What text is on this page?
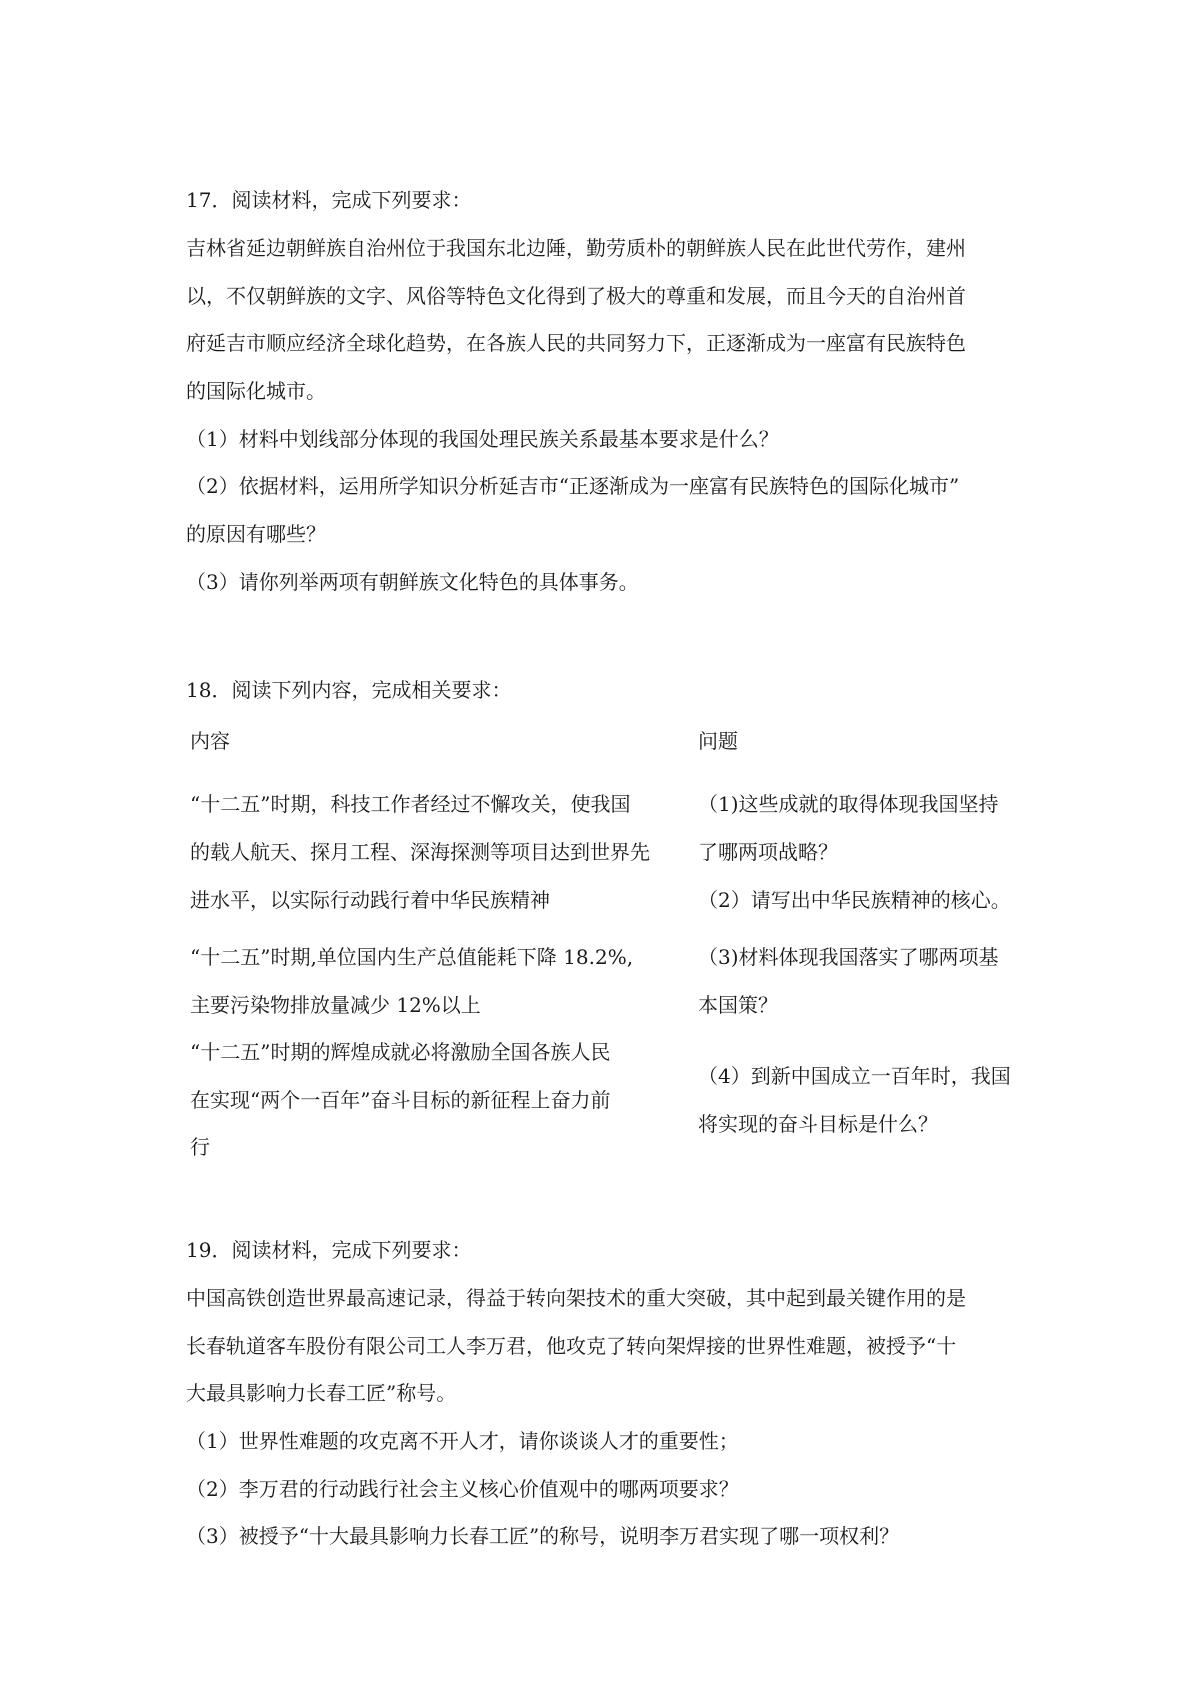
17．阅读材料，完成下列要求：
吉林省延边朝鲜族自治州位于我国东北边陲，勤劳质朴的朝鲜族人民在此世代劳作，建州
以，不仅朝鲜族的文字、风俗等特色文化得到了极大的尊重和发展，而且今天的自治州首
府延吉市顺应经济全球化趋势，在各族人民的共同努力下，正逐渐成为一座富有民族特色
的国际化城市。
（1）材料中划线部分体现的我国处理民族关系最基本要求是什么？
（2）依据材料，运用所学知识分析延吉市“正逐渐成为一座富有民族特色的国际化城市”
的原因有哪些？
（3）请你列举两项有朝鲜族文化特色的具体事务。
18．阅读下列内容，完成相关要求：
内容	问题
“十二五”时期，科技工作者经过不懈攻关，使我国
的载人航天、探月工程、深海探测等项目达到世界先
进水平，以实际行动践行着中华民族精神
（1)这些成就的取得体现我国坚持
了哪两项战略？
（2）请写出中华民族精神的核心。
“十二五”时期,单位国内生产总值能耗下降 18.2%,
主要污染物排放量减少 12%以上
（3)材料体现我国落实了哪两项基
本国策？
“十二五”时期的辉煌成就必将激励全国各族人民
在实现“两个一百年”奋斗目标的新征程上奋力前
行
（4）到新中国成立一百年时，我国
将实现的奋斗目标是什么？
19．阅读材料，完成下列要求：
中国高铁创造世界最高速记录，得益于转向架技术的重大突破，其中起到最关键作用的是
长春轨道客车股份有限公司工人李万君，他攻克了转向架焊接的世界性难题，被授予“十
大最具影响力长春工匠”称号。
（1）世界性难题的攻克离不开人才，请你谈谈人才的重要性；
（2）李万君的行动践行社会主义核心价值观中的哪两项要求？
（3）被授予“十大最具影响力长春工匠”的称号，说明李万君实现了哪一项权利？
